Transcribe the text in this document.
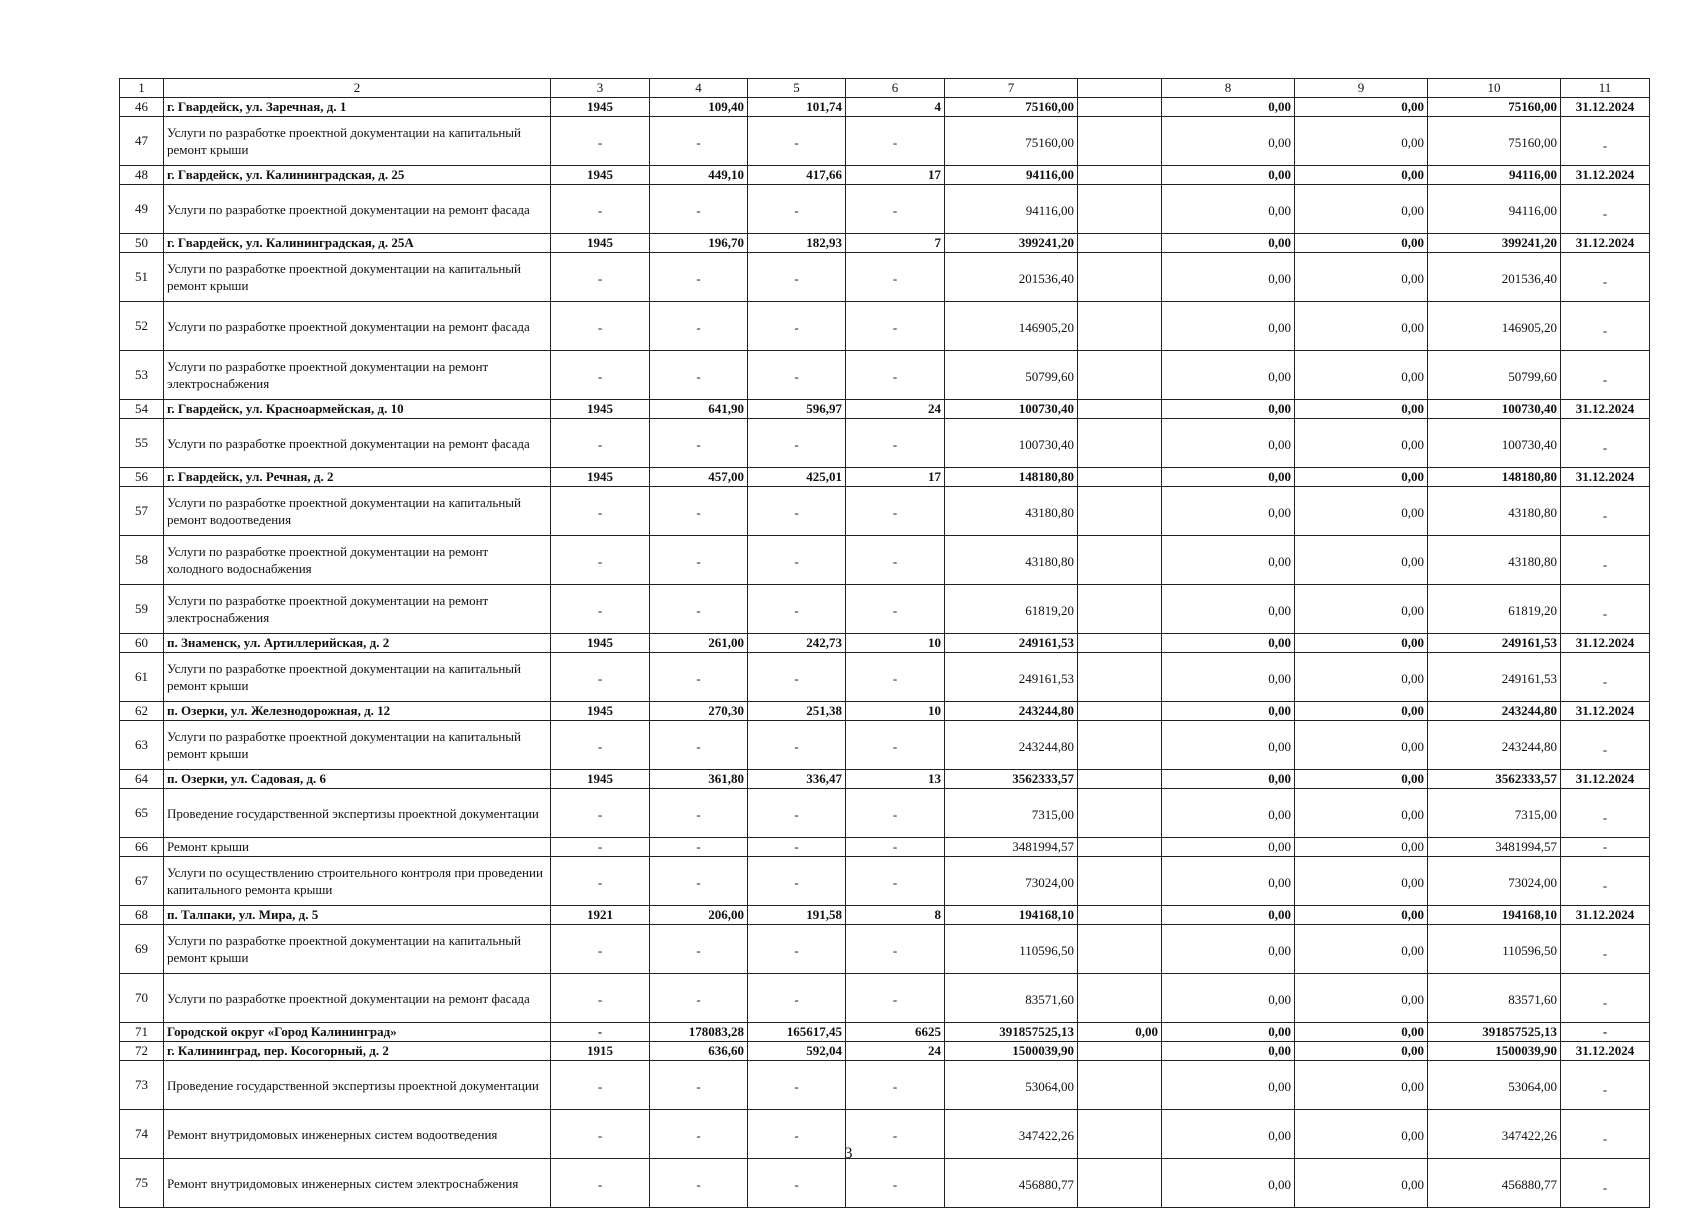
1	2	3	4	5	6	7		8	9	10	11
46	г. Гвардейск, ул. Заречная, д. 1	1945	109,40	101,74	4	75160,00		0,00	0,00	75160,00	31.12.2024
47	Услуги по разработке проектной документации на капитальный ремонт крыши	-	-	-	-	75160,00		0,00	0,00	75160,00	-
48	г. Гвардейск, ул. Калининградская, д. 25	1945	449,10	417,66	17	94116,00		0,00	0,00	94116,00	31.12.2024
49	Услуги по разработке проектной документации на ремонт фасада	-	-	-	-	94116,00		0,00	0,00	94116,00	-
50	г. Гвардейск, ул. Калининградская, д. 25А	1945	196,70	182,93	7	399241,20		0,00	0,00	399241,20	31.12.2024
51	Услуги по разработке проектной документации на капитальный ремонт крыши	-	-	-	-	201536,40		0,00	0,00	201536,40	-
52	Услуги по разработке проектной документации на ремонт фасада	-	-	-	-	146905,20		0,00	0,00	146905,20	-
53	Услуги по разработке проектной документации на ремонт электроснабжения	-	-	-	-	50799,60		0,00	0,00	50799,60	-
54	г. Гвардейск, ул. Красноармейская, д. 10	1945	641,90	596,97	24	100730,40		0,00	0,00	100730,40	31.12.2024
55	Услуги по разработке проектной документации на ремонт фасада	-	-	-	-	100730,40		0,00	0,00	100730,40	-
56	г. Гвардейск, ул. Речная, д. 2	1945	457,00	425,01	17	148180,80		0,00	0,00	148180,80	31.12.2024
57	Услуги по разработке проектной документации на капитальный ремонт водоотведения	-	-	-	-	43180,80		0,00	0,00	43180,80	-
58	Услуги по разработке проектной документации на ремонт холодного водоснабжения	-	-	-	-	43180,80		0,00	0,00	43180,80	-
59	Услуги по разработке проектной документации на ремонт электроснабжения	-	-	-	-	61819,20		0,00	0,00	61819,20	-
60	п. Знаменск, ул. Артиллерийская, д. 2	1945	261,00	242,73	10	249161,53		0,00	0,00	249161,53	31.12.2024
61	Услуги по разработке проектной документации на капитальный ремонт крыши	-	-	-	-	249161,53		0,00	0,00	249161,53	-
62	п. Озерки, ул. Железнодорожная, д. 12	1945	270,30	251,38	10	243244,80		0,00	0,00	243244,80	31.12.2024
63	Услуги по разработке проектной документации на капитальный ремонт крыши	-	-	-	-	243244,80		0,00	0,00	243244,80	-
64	п. Озерки, ул. Садовая, д. 6	1945	361,80	336,47	13	3562333,57		0,00	0,00	3562333,57	31.12.2024
65	Проведение государственной экспертизы проектной документации	-	-	-	-	7315,00		0,00	0,00	7315,00	-
66	Ремонт крыши	-	-	-	-	3481994,57		0,00	0,00	3481994,57	-
67	Услуги по осуществлению строительного контроля при проведении капитального ремонта крыши	-	-	-	-	73024,00		0,00	0,00	73024,00	-
68	п. Талпаки, ул. Мира, д. 5	1921	206,00	191,58	8	194168,10		0,00	0,00	194168,10	31.12.2024
69	Услуги по разработке проектной документации на капитальный ремонт крыши	-	-	-	-	110596,50		0,00	0,00	110596,50	-
70	Услуги по разработке проектной документации на ремонт фасада	-	-	-	-	83571,60		0,00	0,00	83571,60	-
71	Городской округ «Город Калининград»	-	178083,28	165617,45	6625	391857525,13	0,00	0,00	0,00	391857525,13	-
72	г. Калининград, пер. Косогорный, д. 2	1915	636,60	592,04	24	1500039,90		0,00	0,00	1500039,90	31.12.2024
73	Проведение государственной экспертизы проектной документации	-	-	-	-	53064,00		0,00	0,00	53064,00	-
74	Ремонт внутридомовых инженерных систем водоотведения	-	-	-	-	347422,26		0,00	0,00	347422,26	-
75	Ремонт внутридомовых инженерных систем электроснабжения	-	-	-	-	456880,77		0,00	0,00	456880,77	-
3
